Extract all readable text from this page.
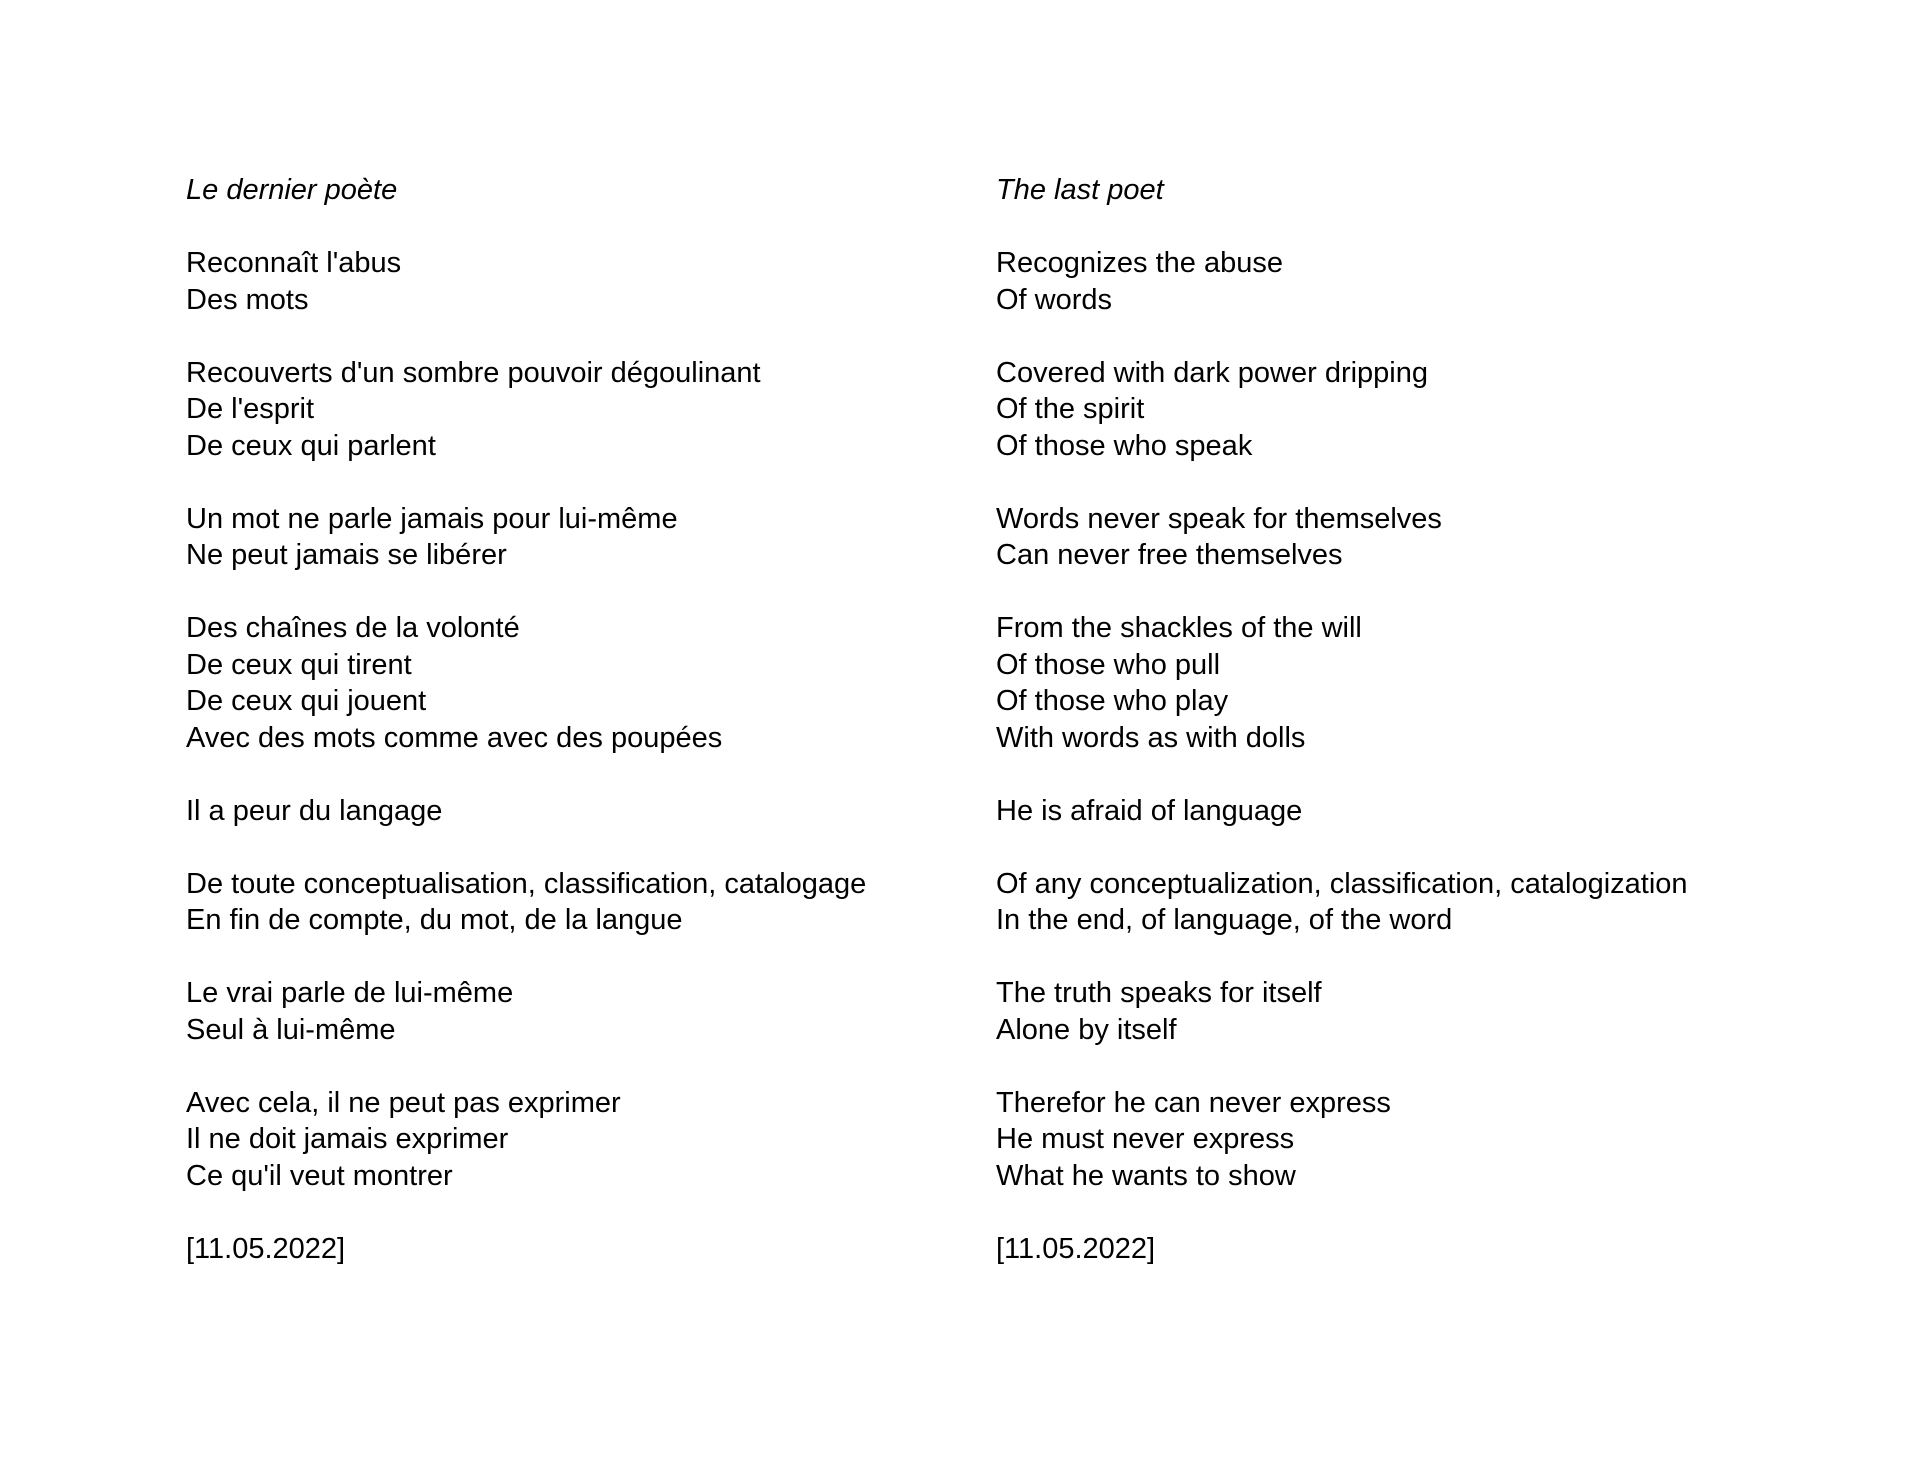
Le dernier poète
Reconnaît l'abus
Des mots
Recouverts d'un sombre pouvoir dégoulinant
De l'esprit
De ceux qui parlent
Un mot ne parle jamais pour lui-même
Ne peut jamais se libérer
Des chaînes de la volonté
De ceux qui tirent
De ceux qui jouent
Avec des mots comme avec des poupées
Il a peur du langage
De toute conceptualisation, classification, catalogage
En fin de compte, du mot, de la langue
Le vrai parle de lui-même
Seul à lui-même
Avec cela, il ne peut pas exprimer
Il ne doit jamais exprimer
Ce qu'il veut montrer
[11.05.2022]
The last poet
Recognizes the abuse
Of words
Covered with dark power dripping
Of the spirit
Of those who speak
Words never speak for themselves
Can never free themselves
From the shackles of the will
Of those who pull
Of those who play
With words as with dolls
He is afraid of language
Of any conceptualization, classification, catalogization
In the end, of language, of the word
The truth speaks for itself
Alone by itself
Therefor he can never express
He must never express
What he wants to show
[11.05.2022]
